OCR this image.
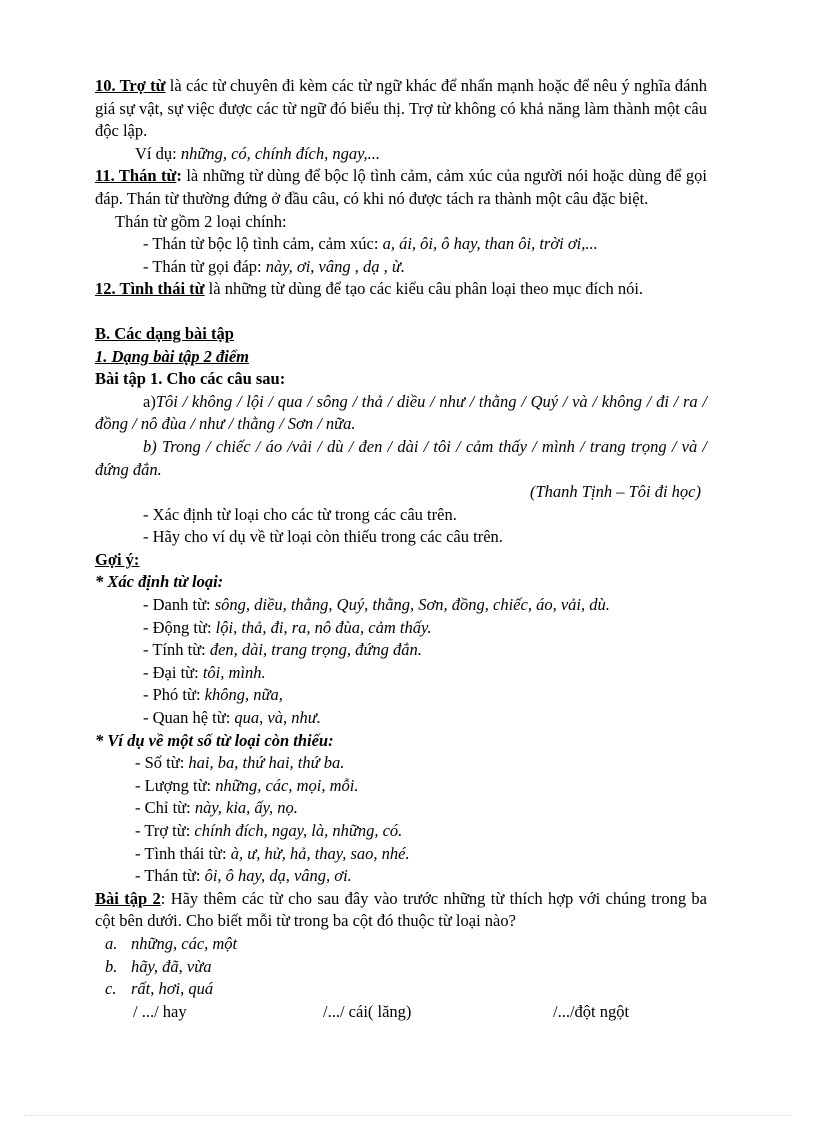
10. Trợ từ là các từ chuyên đi kèm các từ ngữ khác để nhấn mạnh hoặc để nêu ý nghĩa đánh giá sự vật, sự việc được các từ ngữ đó biểu thị. Trợ từ không có khả năng làm thành một câu độc lập.

Ví dụ: những, có, chính đích, ngay,...

11. Thán từ: là những từ dùng để bộc lộ tình cảm, cảm xúc của người nói hoặc dùng để gọi đáp. Thán từ thường đứng ở đầu câu, có khi nó được tách ra thành một câu đặc biệt.

Thán từ gồm 2 loại chính:

- Thán từ bộc lộ tình cảm, cảm xúc: a, ái, ôi, ô hay, than ôi, trời ơi,...

- Thán từ gọi đáp: này, ơi, vâng , dạ , ừ.

12. Tình thái từ là những từ dùng để tạo các kiểu câu phân loại theo mục đích nói.

B. Các dạng bài tập

1. Dạng bài tập 2 điểm

Bài tập 1. Cho các câu sau:

a)Tôi / không / lội / qua / sông / thả / diều / như / thằng / Quý / và / không / đi / ra / đồng / nô đùa / như / thằng / Sơn / nữa.

b) Trong / chiếc / áo /vải / dù / đen / dài / tôi / cảm thấy / mình / trang trọng / và / đứng đắn.

(Thanh Tịnh – Tôi đi học)

- Xác định từ loại cho các từ trong các câu trên.

- Hãy cho ví dụ về từ loại còn thiếu trong các câu trên.

Gợi ý:

* Xác định từ loại:

- Danh từ: sông, diều, thằng, Quý, thằng, Sơn, đồng, chiếc, áo, vải, dù.

- Động từ: lội, thả, đi, ra, nô đùa, cảm thấy.

- Tính từ: đen, dài, trang trọng, đứng đắn.

- Đại từ: tôi, mình.

- Phó từ: không, nữa,

- Quan hệ từ: qua, và, như.

* Ví dụ về một số từ loại còn thiếu:

- Số từ: hai, ba, thứ hai, thứ ba.

- Lượng từ: những, các, mọi, mỗi.

- Chỉ từ: này, kia, ấy, nọ.

- Trợ từ: chính đích, ngay, là, những, có.

- Tình thái từ: à, ư, hử, hả, thay, sao, nhé.

- Thán từ: ôi, ô hay, dạ, vâng, ơi.

Bài tập 2: Hãy thêm các từ cho sau đây vào trước những từ thích hợp với chúng trong ba cột bên dưới. Cho biết mỗi từ trong ba cột đó thuộc từ loại nào?

a. những, các, một

b. hãy, đã, vừa

c. rất, hơi, quá

/ .../ hay	/.../ cái( lăng)	/.../đột ngột
